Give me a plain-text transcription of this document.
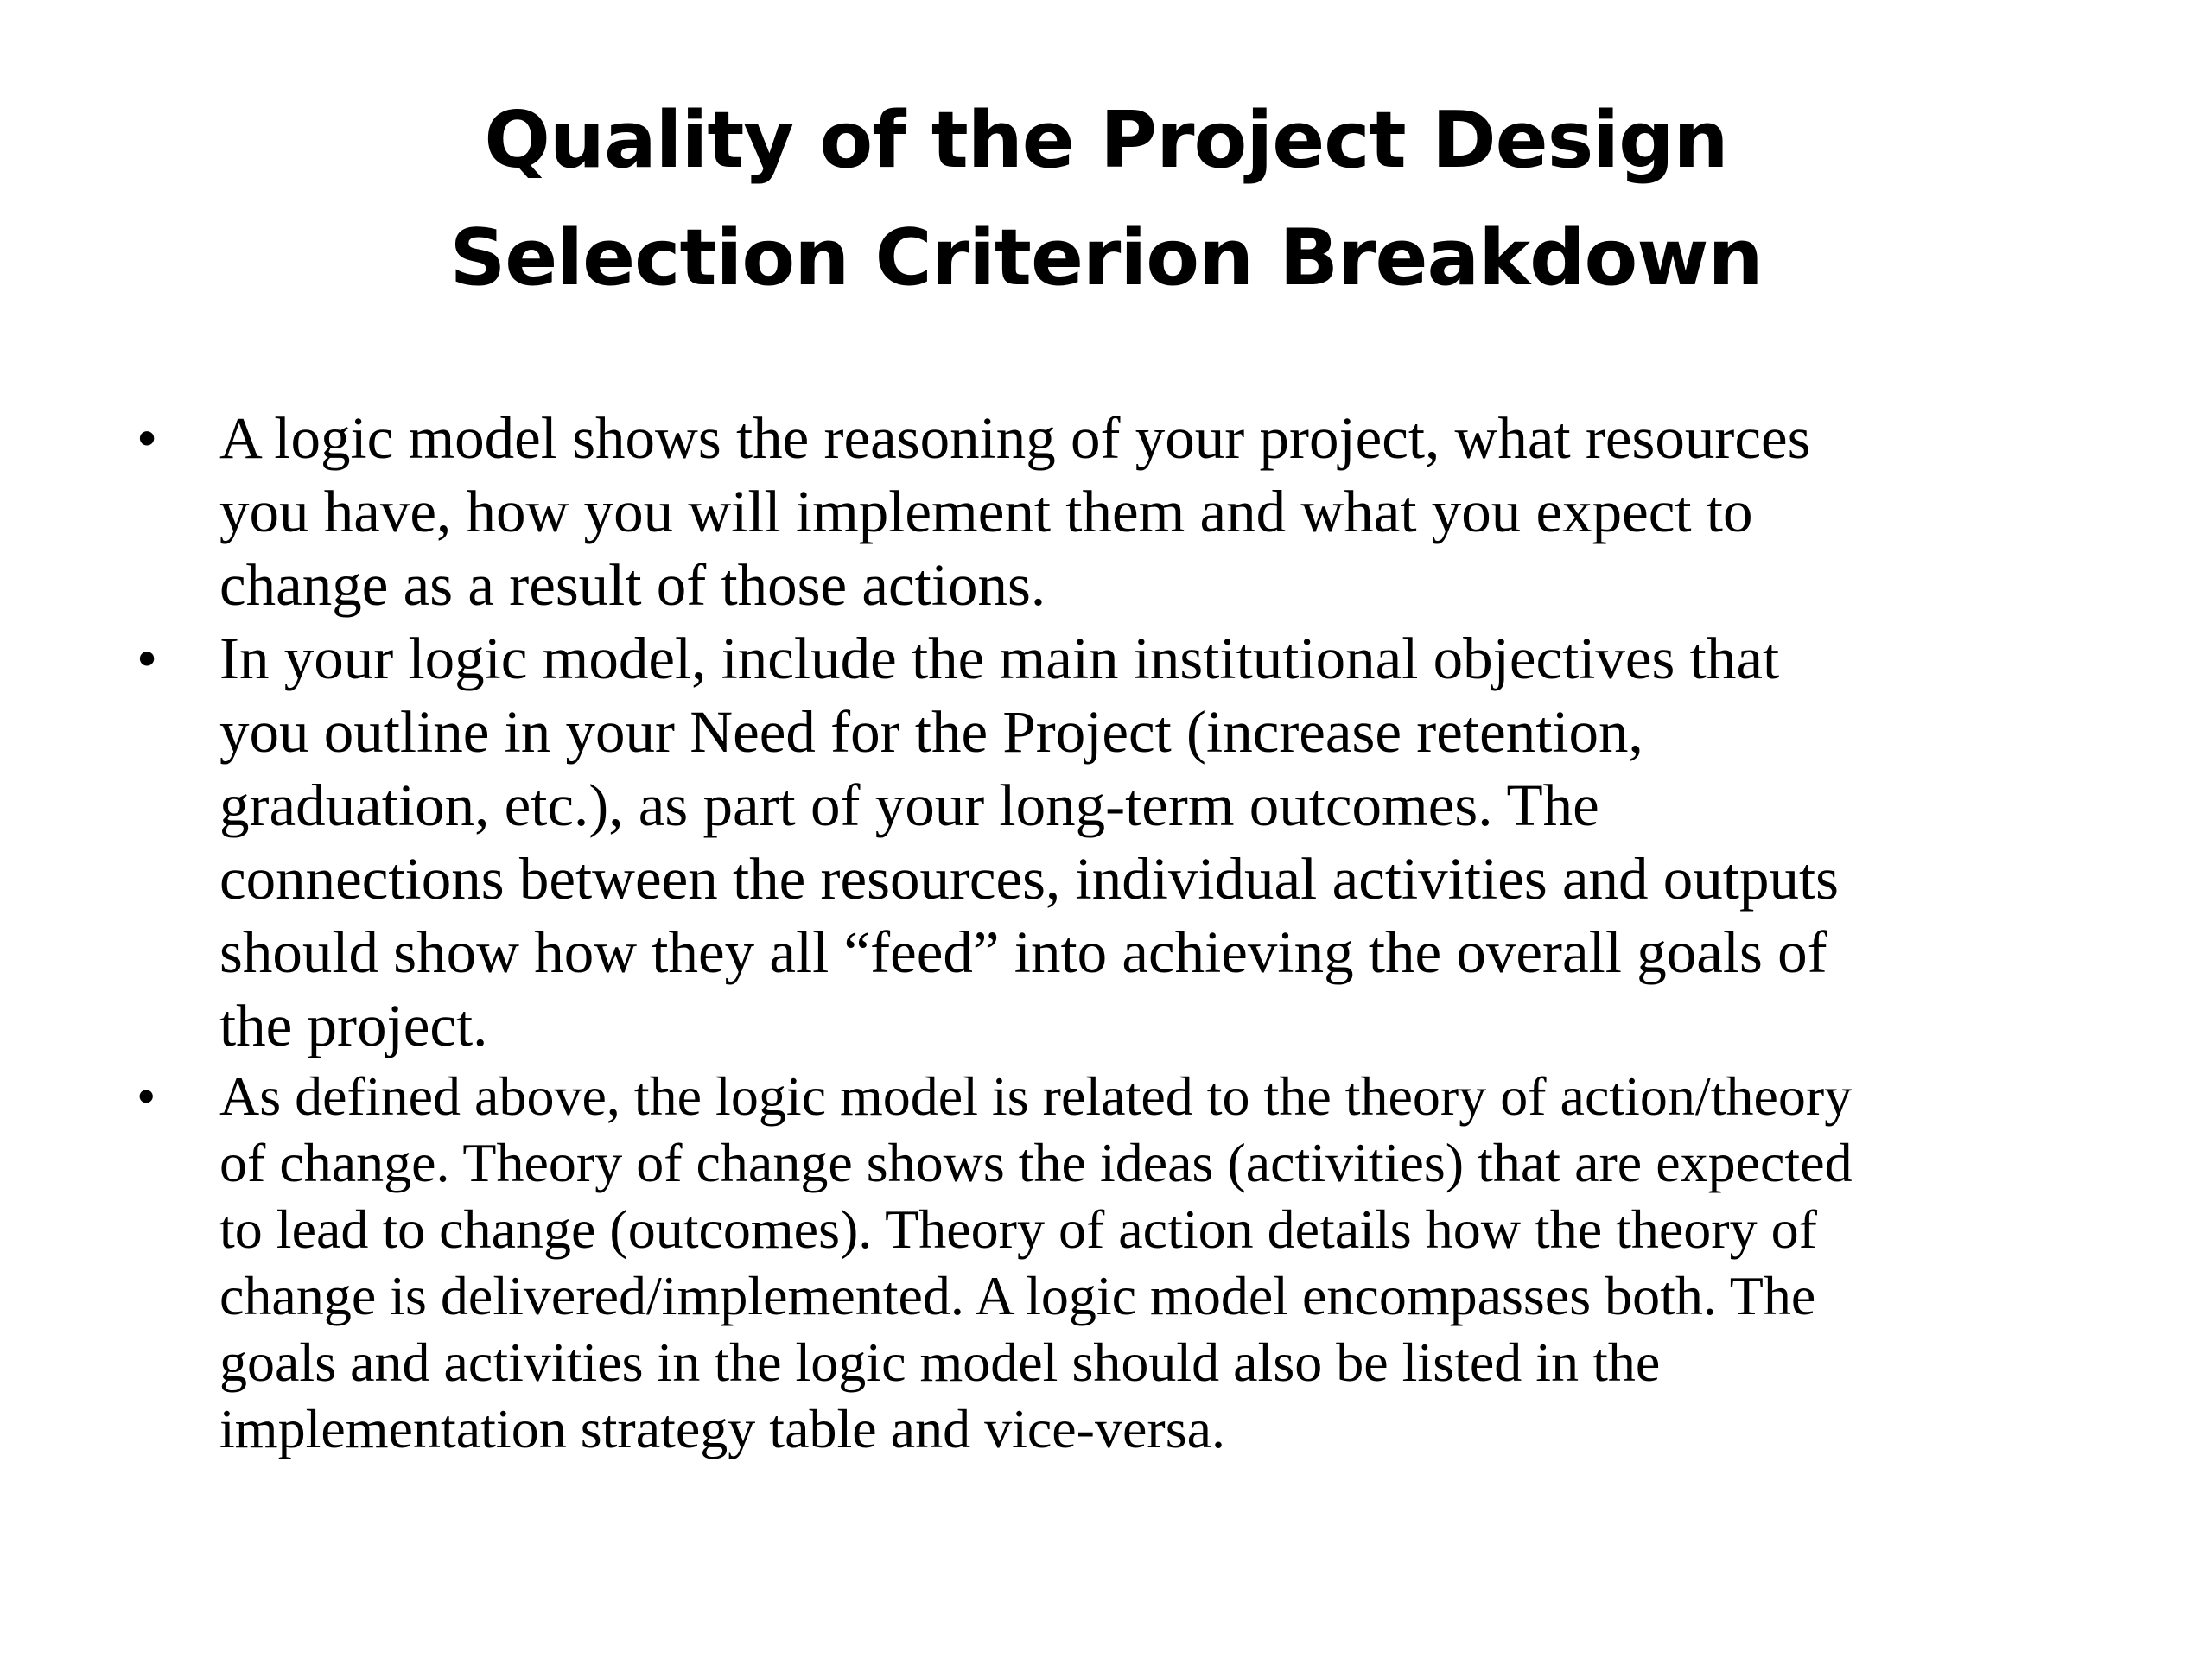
Quality of the Project Design
Selection Criterion Breakdown
• A logic model shows the reasoning of your project, what resources
you have, how you will implement them and what you expect to
change as a result of those actions.
• In your logic model, include the main institutional objectives that
you outline in your Need for the Project (increase retention,
graduation, etc.), as part of your long-term outcomes. The
connections between the resources, individual activities and outputs
should show how they all “feed” into achieving the overall goals of
the project.
• As defined above, the logic model is related to the theory of action/theory
of change. Theory of change shows the ideas (activities) that are expected
to lead to change (outcomes). Theory of action details how the theory of
change is delivered/implemented. A logic model encompasses both. The
goals and activities in the logic model should also be listed in the
implementation strategy table and vice-versa.
